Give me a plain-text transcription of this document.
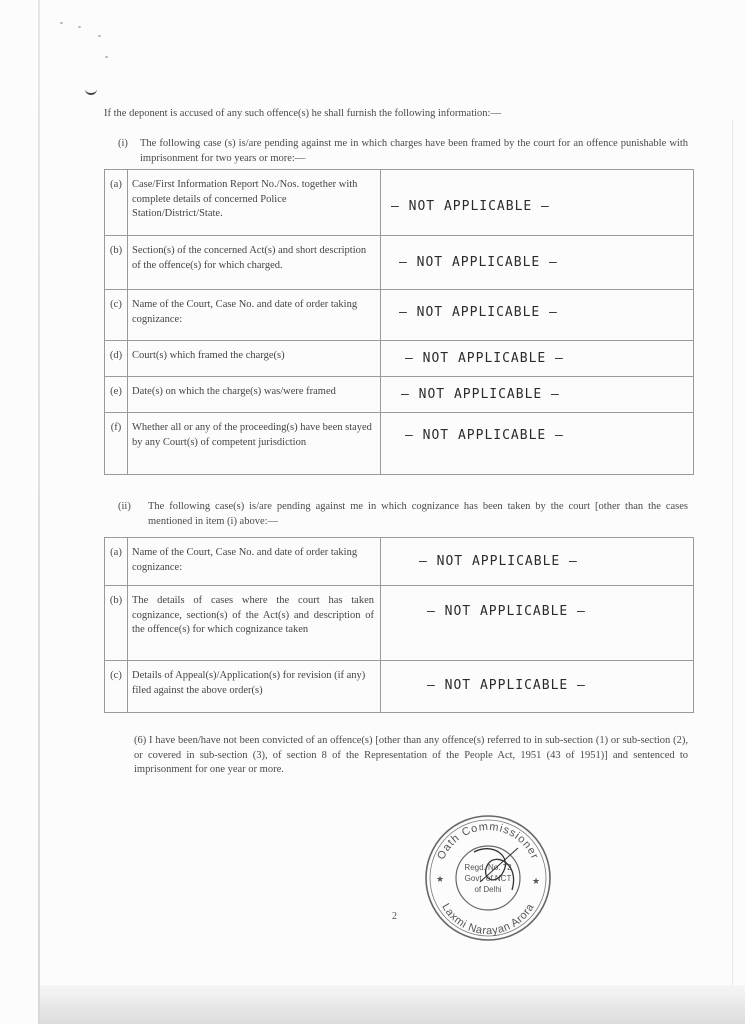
If the deponent is accused of any such offence(s) he shall furnish the following information:—
(i) The following case (s) is/are pending against me in which charges have been framed by the court for an offence punishable with imprisonment for two years or more:—
(a)	Case/First Information Report No./Nos. together with complete details of concerned Police Station/District/State.	— NOT APPLICABLE —

(b)	Section(s) of the concerned Act(s) and short description of the offence(s) for which charged.	— NOT APPLICABLE —

(c)	Name of the Court, Case No. and date of order taking cognizance:	— NOT APPLICABLE —

(d)	Court(s) which framed the charge(s)	— NOT APPLICABLE —

(e)	Date(s) on which the charge(s) was/were framed	— NOT APPLICABLE —

(f)	Whether all or any of the proceeding(s) have been stayed by any Court(s) of competent jurisdiction	— NOT APPLICABLE —
(ii) The following case(s) is/are pending against me in which cognizance has been taken by the court [other than the cases mentioned in item (i) above:—
(a)	Name of the Court, Case No. and date of order taking cognizance:	— NOT APPLICABLE —

(b)	The details of cases where the court has taken cognizance, section(s) of the Act(s) and description of the offence(s) for which cognizance taken	— NOT APPLICABLE —

(c)	Details of Appeal(s)/Application(s) for revision (if any) filed against the above order(s)	— NOT APPLICABLE —
(6) I have been/have not been convicted of an offence(s) [other than any offence(s) referred to in sub-section (1) or sub-section (2), or covered in sub-section (3), of section 8 of the Representation of the People Act, 1951 (43 of 1951)] and sentenced to imprisonment for one year or more.
2
Oath Commissioner
Laxmi Narayan Arora
★	★
Regd. No. 72
Govt. of NCT
of Delhi
